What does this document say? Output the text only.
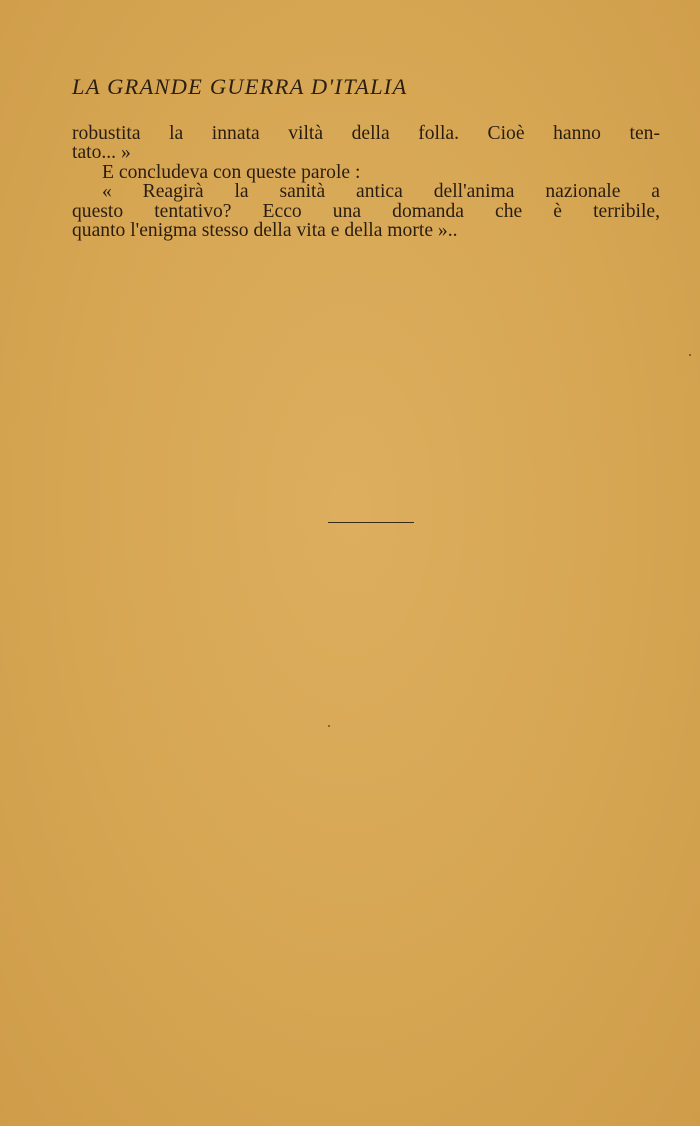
LA GRANDE GUERRA D'ITALIA
robustita la innata viltà della folla. Cioè hanno ten-
tato... »
E concludeva con queste parole :
« Reagirà la sanità antica dell'anima nazionale a
questo tentativo? Ecco una domanda che è terribile,
quanto l'enigma stesso della vita e della morte »..
